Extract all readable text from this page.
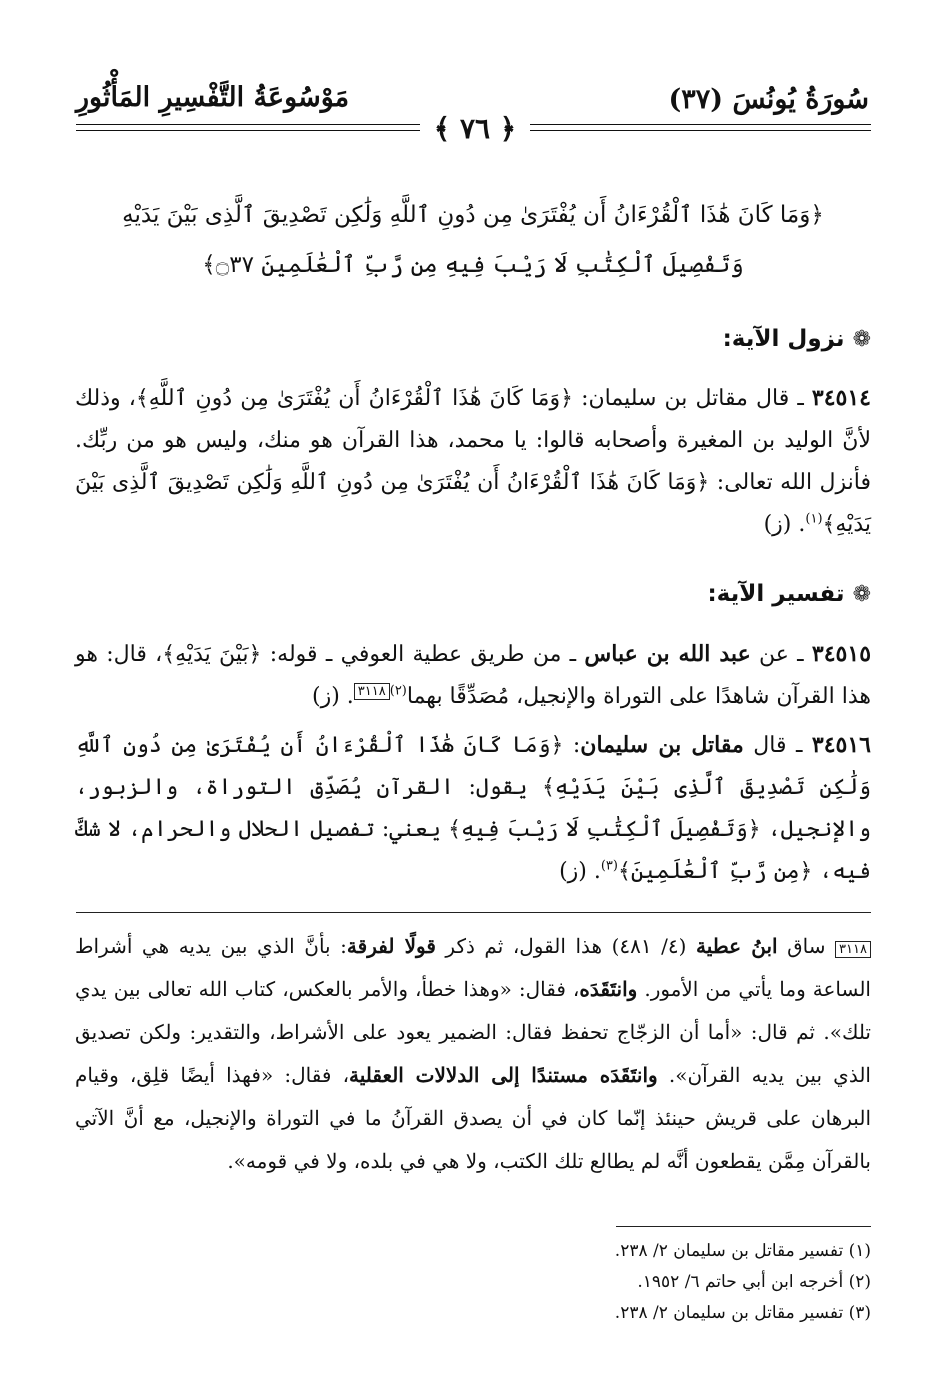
سُورَةُ يُونُسَ (٣٧)
مَوْسُوعَةُ التَّفْسِيرِ المَأْثُورِ
﴿ ٧٦ ﴾
﴿وَمَا كَانَ هَٰذَا ٱلْقُرْءَانُ أَن يُفْتَرَىٰ مِن دُونِ ٱللَّهِ وَلَٰكِن تَصْدِيقَ ٱلَّذِى بَيْنَ يَدَيْهِ
وَتَفْصِيلَ ٱلْكِتَٰبِ لَا رَيْبَ فِيهِ مِن رَّبِّ ٱلْعَٰلَمِينَ ۝٣٧﴾
❁نزول الآية:
٣٤٥١٤ ـ قال مقاتل بن سليمان: ﴿وَمَا كَانَ هَٰذَا ٱلْقُرْءَانُ أَن يُفْتَرَىٰ مِن دُونِ ٱللَّهِ﴾، وذلك لأنَّ الوليد بن المغيرة وأصحابه قالوا: يا محمد، هذا القرآن هو منك، وليس هو من ربِّك. فأنزل الله تعالى: ﴿وَمَا كَانَ هَٰذَا ٱلْقُرْءَانُ أَن يُفْتَرَىٰ مِن دُونِ ٱللَّهِ وَلَٰكِن تَصْدِيقَ ٱلَّذِى بَيْنَ يَدَيْهِ﴾$^{(١)}$. (ز)
❁تفسير الآية:
٣٤٥١٥ ـ عن عبد الله بن عباس ـ من طريق عطية العوفي ـ قوله: ﴿بَيْنَ يَدَيْهِ﴾، قال: هو هذا القرآن شاهدًا على التوراة والإنجيل، مُصَدِّقًا بهما$^{(٢)٣١١٨}$. (ز)
٣٤٥١٦ ـ قال مقاتل بن سليمان: ﴿وَمَا كَانَ هَٰذَا ٱلْقُرْءَانُ أَن يُفْتَرَىٰ مِن دُونِ ٱللَّهِ وَلَٰكِن تَصْدِيقَ ٱلَّذِى بَيْنَ يَدَيْهِ﴾ يقول: القرآن يُصَدِّق التوراة، والزبور، والإنجيل، ﴿وَتَفْصِيلَ ٱلْكِتَٰبِ لَا رَيْبَ فِيهِ﴾ يعني: تفصيل الحلال والحرام، لا شكَّ فيه، ﴿مِن رَّبِّ ٱلْعَٰلَمِينَ﴾$^{(٣)}$. (ز)
٣١١٨ ساق ابنُ عطية (٤/ ٤٨١) هذا القول، ثم ذكر قولًا لفرقة: بأنَّ الذي بين يديه هي أشراط الساعة وما يأتي من الأمور. وانتَقَدَه، فقال: «وهذا خطأ، والأمر بالعكس، كتاب الله تعالى بين يدي تلك». ثم قال: «أما أن الزجّاج تحفظ فقال: الضمير يعود على الأشراط، والتقدير: ولكن تصديق الذي بين يديه القرآن». وانتَقَدَه مستندًا إلى الدلالات العقلية، فقال: «فهذا أيضًا قلِق، وقيام البرهان على قريش حينئذ إنّما كان في أن يصدق القرآنُ ما في التوراة والإنجيل، مع أنَّ الآتي بالقرآن مِمَّن يقطعون أنَّه لم يطالع تلك الكتب، ولا هي في بلده، ولا في قومه».
(١) تفسير مقاتل بن سليمان ٢/ ٢٣٨.
(٢) أخرجه ابن أبي حاتم ٦/ ١٩٥٢.
(٣) تفسير مقاتل بن سليمان ٢/ ٢٣٨.
